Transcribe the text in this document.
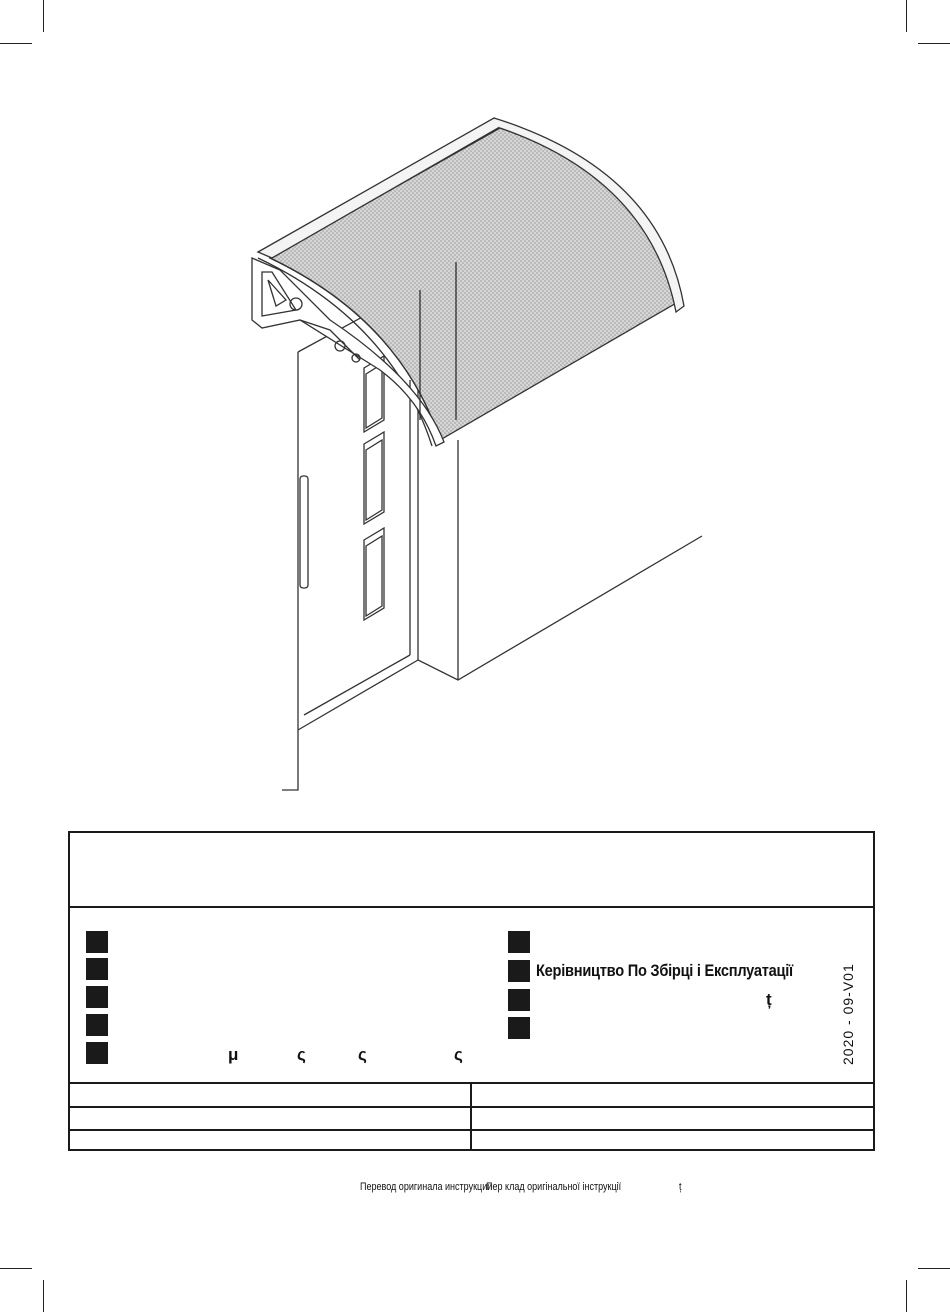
μ	ς	ς	ς
Керівництво По Збірці і Експлуатації
ț	2020 - 09-V01
Перевод оригинала инструкции
Пер клад оригінальної інструкції	ț
